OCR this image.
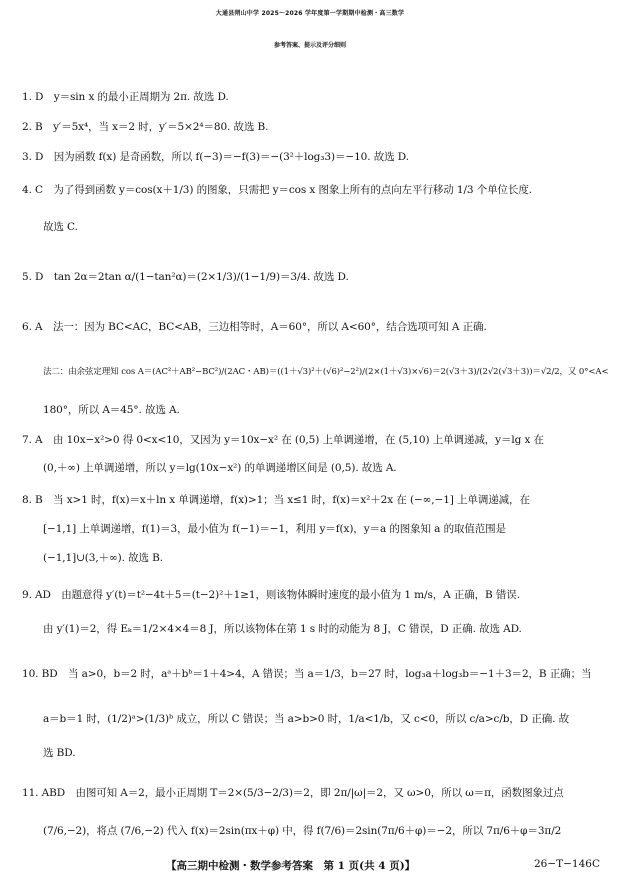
大通县朔山中学 2025～2026 学年度第一学期期中检测・高三数学
参考答案、提示及评分细则
1. D　y＝sin x 的最小正周期为 2π. 故选 D.
2. B　y′＝5x⁴，当 x＝2 时，y′＝5×2⁴＝80. 故选 B.
3. D　因为函数 f(x) 是奇函数，所以 f(−3)＝−f(3)＝−(3²＋log₃3)＝−10. 故选 D.
4. C　为了得到函数 y＝cos(x＋1/3) 的图象，只需把 y＝cos x 图象上所有的点向左平行移动 1/3 个单位长度.
故选 C.
5. D　tan 2α＝2tan α/(1−tan²α)＝(2×1/3)/(1−1/9)＝3/4. 故选 D.
6. A　法一：因为 BC<AC，BC<AB，三边相等时，A＝60°，所以 A<60°，结合选项可知 A 正确.
法二：由余弦定理知 cos A＝(AC²＋AB²−BC²)/(2AC・AB)＝((1＋√3)²＋(√6)²−2²)/(2×(1＋√3)×√6)＝2(√3＋3)/(2√2(√3＋3))＝√2/2，又 0°<A<
180°，所以 A＝45°. 故选 A.
7. A　由 10x−x²>0 得 0<x<10，又因为 y＝10x−x² 在 (0,5) 上单调递增，在 (5,10) 上单调递减，y＝lg x 在
(0,＋∞) 上单调递增，所以 y＝lg(10x−x²) 的单调递增区间是 (0,5). 故选 A.
8. B　当 x>1 时，f(x)＝x＋ln x 单调递增，f(x)>1；当 x≤1 时，f(x)＝x²＋2x 在 (−∞,−1] 上单调递减，在
[−1,1] 上单调递增，f(1)＝3，最小值为 f(−1)＝−1，利用 y＝f(x)，y＝a 的图象知 a 的取值范围是
(−1,1]∪(3,＋∞). 故选 B.
9. AD　由题意得 y′(t)＝t²−4t＋5＝(t−2)²＋1≥1，则该物体瞬时速度的最小值为 1 m/s，A 正确，B 错误.
由 y′(1)＝2，得 Eₖ＝1/2×4×4＝8 J，所以该物体在第 1 s 时的动能为 8 J，C 错误，D 正确. 故选 AD.
10. BD　当 a>0，b＝2 时，aᵃ＋bᵇ＝1＋4>4，A 错误；当 a＝1/3，b＝27 时，log₃a＋log₃b＝−1＋3＝2，B 正确；当
a＝b＝1 时，(1/2)ᵃ>(1/3)ᵇ 成立，所以 C 错误；当 a>b>0 时，1/a<1/b，又 c<0，所以 c/a>c/b，D 正确. 故
选 BD.
11. ABD　由图可知 A＝2，最小正周期 T＝2×(5/3−2/3)＝2，即 2π/|ω|＝2，又 ω>0，所以 ω＝π，函数图象过点
(7/6,−2)，将点 (7/6,−2) 代入 f(x)＝2sin(πx＋φ) 中，得 f(7/6)＝2sin(7π/6＋φ)＝−2，所以 7π/6＋φ＝3π/2
【高三期中检测・数学参考答案　第 1 页(共 4 页)】	26−T−146C
